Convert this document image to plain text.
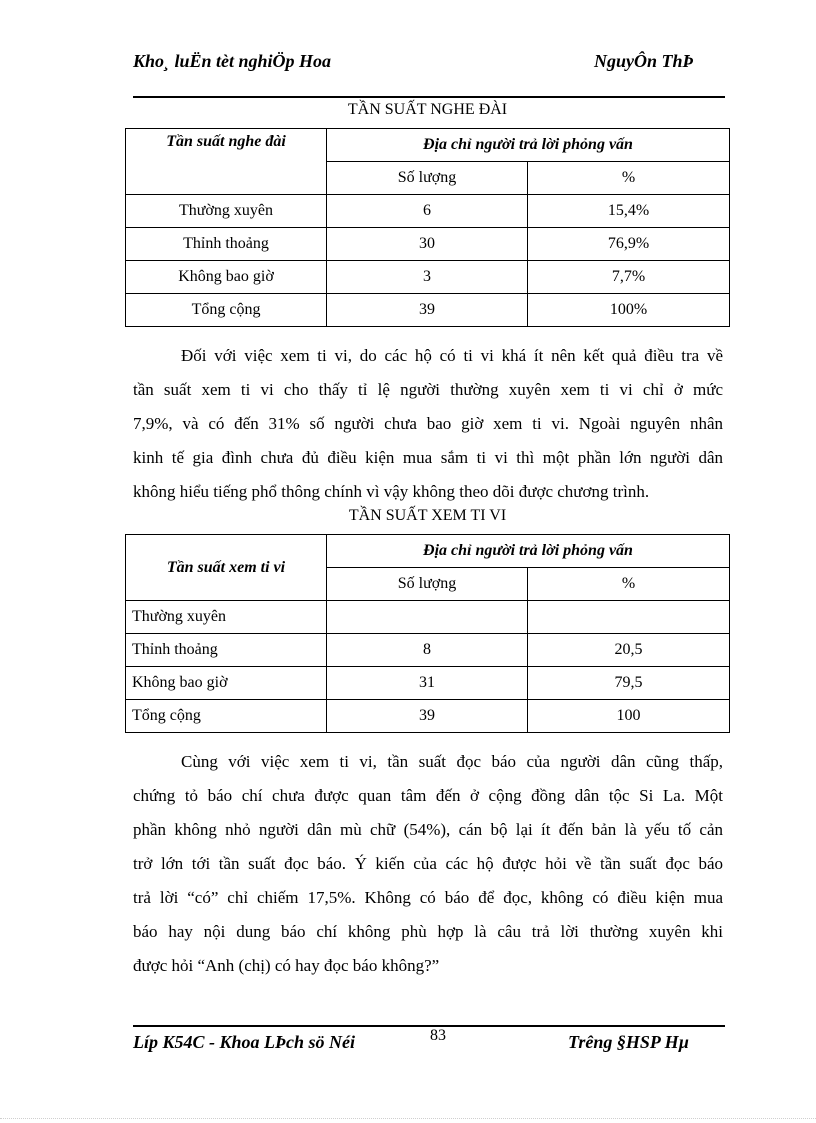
Kho¸ luËn tèt nghiÖp Hoa	NguyÔn ThÞ
TẦN SUẤT NGHE ĐÀI
Tần suất nghe đài	Địa chỉ người trả lời phỏng vấn	
	Số lượng	%
Thường xuyên	6	15,4%
Thỉnh thoảng	30	76,9%
Không bao giờ	3	7,7%
Tổng cộng	39	100%
Đối với việc xem ti vi, do các hộ có ti vi khá ít nên kết quả điều tra về
tần suất xem ti vi cho thấy tỉ lệ người thường xuyên xem ti vi chỉ ở mức
7,9%, và có đến 31% số người chưa bao giờ xem ti vi. Ngoài nguyên nhân
kinh tế gia đình chưa đủ điều kiện mua sắm ti vi thì một phần lớn người dân
không hiểu tiếng phổ thông chính vì vậy không theo dõi được chương trình.
TẦN SUẤT XEM TI VI
Tần suất xem ti vi	Địa chỉ người trả lời phỏng vấn	
	Số lượng	%
Thường xuyên		
Thỉnh thoảng	8	20,5
Không bao giờ	31	79,5
Tổng cộng	39	100
Cùng với việc xem ti vi, tần suất đọc báo của người dân cũng thấp,
chứng tỏ báo chí chưa được quan tâm đến ở cộng đồng dân tộc Si La. Một
phần không nhỏ người dân mù chữ (54%), cán bộ lại ít đến bản là yếu tố cản
trở lớn tới tần suất đọc báo. Ý kiến của các hộ được hỏi về tần suất đọc báo
trả lời “có” chỉ chiếm 17,5%. Không có báo để đọc, không có điều kiện mua
báo hay nội dung báo chí không phù hợp là câu trả lời thường xuyên khi
được hỏi “Anh (chị) có hay đọc báo không?”
Líp K54C - Khoa LÞch sö Néi	83	Trêng §HSP Hµ
